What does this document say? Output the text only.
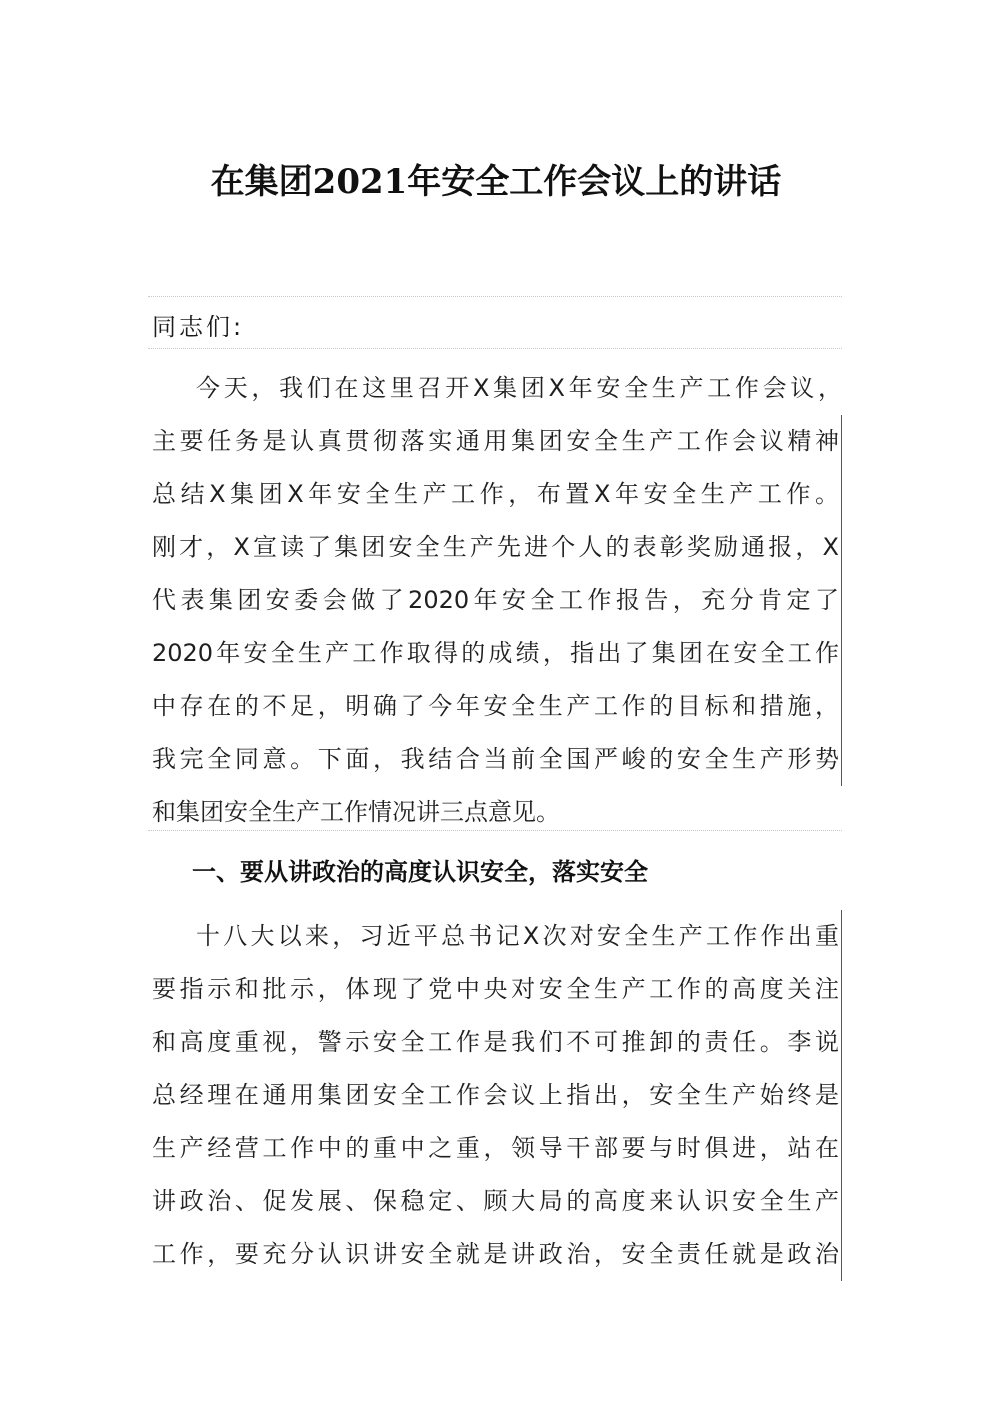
在集团2021年安全工作会议上的讲话

同志们:

今天，我们在这里召开X集团X年安全生产工作会议，
主要任务是认真贯彻落实通用集团安全生产工作会议精神
总结X集团X年安全生产工作，布置X年安全生产工作。
刚才，X宣读了集团安全生产先进个人的表彰奖励通报，X
代表集团安委会做了2020年安全工作报告，充分肯定了
2020年安全生产工作取得的成绩，指出了集团在安全工作
中存在的不足，明确了今年安全生产工作的目标和措施，
我完全同意。下面，我结合当前全国严峻的安全生产形势
和集团安全生产工作情况讲三点意见。
一、要从讲政治的高度认识安全，落实安全
十八大以来，习近平总书记X次对安全生产工作作出重
要指示和批示，体现了党中央对安全生产工作的高度关注
和高度重视，警示安全工作是我们不可推卸的责任。李说
总经理在通用集团安全工作会议上指出，安全生产始终是
生产经营工作中的重中之重，领导干部要与时俱进，站在
讲政治、促发展、保稳定、顾大局的高度来认识安全生产
工作，要充分认识讲安全就是讲政治，安全责任就是政治
